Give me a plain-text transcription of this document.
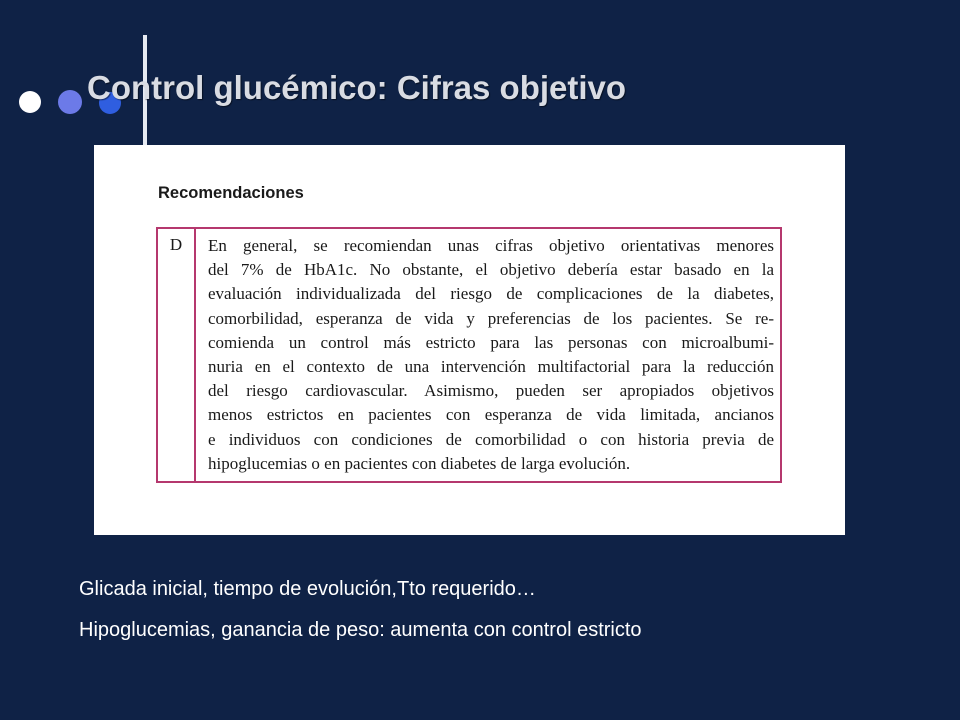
Control glucémico: Cifras objetivo
Recomendaciones
D	En general, se recomiendan unas cifras objetivo orientativas menores
del 7% de HbA1c. No obstante, el objetivo debería estar basado en la
evaluación individualizada del riesgo de complicaciones de la diabetes,
comorbilidad, esperanza de vida y preferencias de los pacientes. Se re-
comienda un control más estricto para las personas con microalbumi-
nuria en el contexto de una intervención multifactorial para la reducción
del riesgo cardiovascular. Asimismo, pueden ser apropiados objetivos
menos estrictos en pacientes con esperanza de vida limitada, ancianos
e individuos con condiciones de comorbilidad o con historia previa de
hipoglucemias o en pacientes con diabetes de larga evolución.

Glicada inicial, tiempo de evolución,Tto requerido…

Hipoglucemias, ganancia de peso: aumenta con control estricto
